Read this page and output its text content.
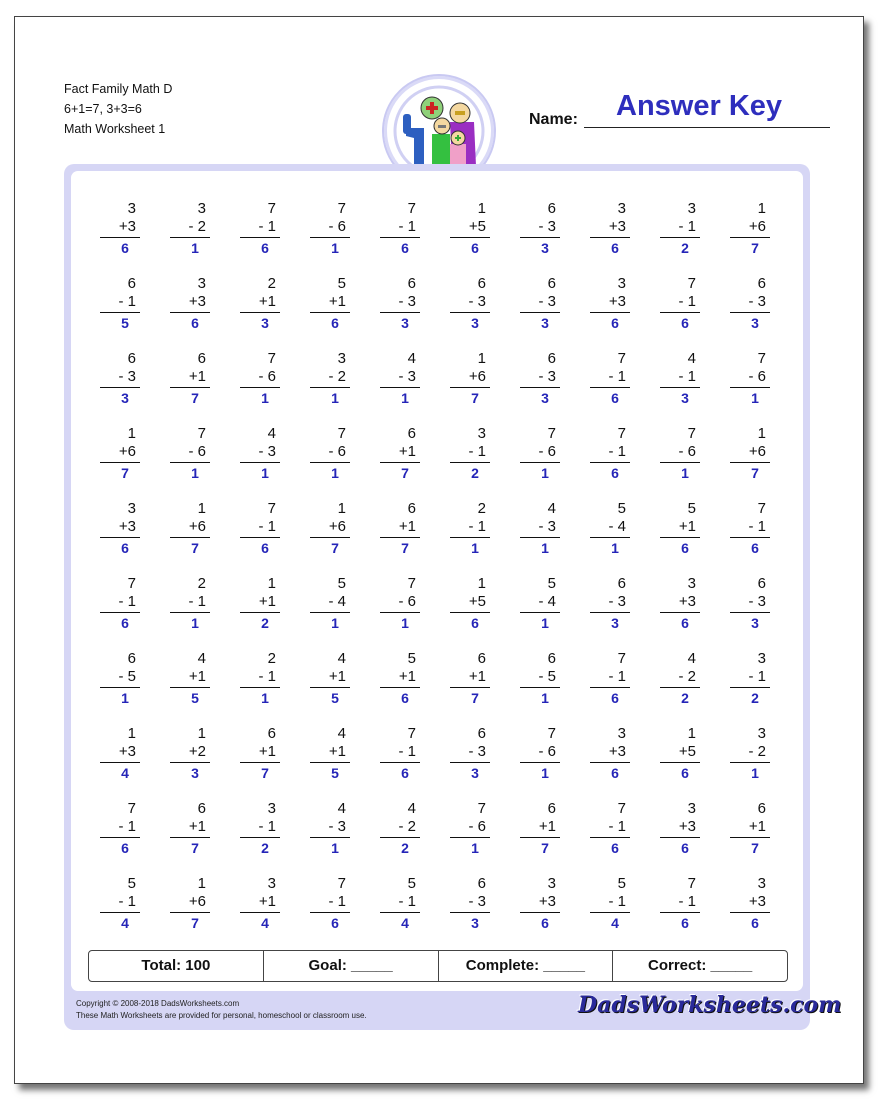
Fact Family Math D
6+1=7, 3+3=6
Math Worksheet 1
Name: Answer Key
3
+3
6
3
- 2
1
7
- 1
6
7
- 6
1
7
- 1
6
1
+5
6
6
- 3
3
3
+3
6
3
- 1
2
1
+6
7
6
- 1
5
3
+3
6
2
+1
3
5
+1
6
6
- 3
3
6
- 3
3
6
- 3
3
3
+3
6
7
- 1
6
6
- 3
3
6
- 3
3
6
+1
7
7
- 6
1
3
- 2
1
4
- 3
1
1
+6
7
6
- 3
3
7
- 1
6
4
- 1
3
7
- 6
1
1
+6
7
7
- 6
1
4
- 3
1
7
- 6
1
6
+1
7
3
- 1
2
7
- 6
1
7
- 1
6
7
- 6
1
1
+6
7
3
+3
6
1
+6
7
7
- 1
6
1
+6
7
6
+1
7
2
- 1
1
4
- 3
1
5
- 4
1
5
+1
6
7
- 1
6
7
- 1
6
2
- 1
1
1
+1
2
5
- 4
1
7
- 6
1
1
+5
6
5
- 4
1
6
- 3
3
3
+3
6
6
- 3
3
6
- 5
1
4
+1
5
2
- 1
1
4
+1
5
5
+1
6
6
+1
7
6
- 5
1
7
- 1
6
4
- 2
2
3
- 1
2
1
+3
4
1
+2
3
6
+1
7
4
+1
5
7
- 1
6
6
- 3
3
7
- 6
1
3
+3
6
1
+5
6
3
- 2
1
7
- 1
6
6
+1
7
3
- 1
2
4
- 3
1
4
- 2
2
7
- 6
1
6
+1
7
7
- 1
6
3
+3
6
6
+1
7
5
- 1
4
1
+6
7
3
+1
4
7
- 1
6
5
- 1
4
6
- 3
3
3
+3
6
5
- 1
4
7
- 1
6
3
+3
6
Total: 100	Goal: _____	Complete: _____	Correct: _____
Copyright © 2008-2018 DadsWorksheets.com
These Math Worksheets are provided for personal, homeschool or classroom use.	DadsWorksheets.com
